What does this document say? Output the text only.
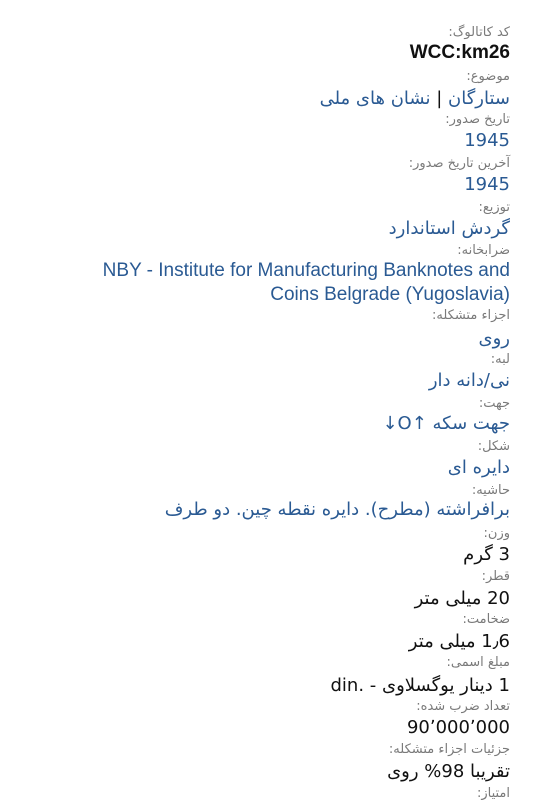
کد کاتالوگ:
WCC:km26
موضوع:
ستارگان | نشان های ملی
تاریخ صدور:
1945
آخرین تاریخ صدور:
1945
توزیع:
گردش استاندارد
ضرابخانه:
NBY - Institute for Manufacturing Banknotes and
Coins Belgrade (Yugoslavia)
اجزاء متشکله:
روی
لبه:
نی/دانه دار
جهت:
جهت سکه ↑O↓
شکل:
دایره ای
حاشیه:
برافراشته (مطرح). دایره نقطه چین. دو طرف
وزن:
3 گرم
قطر:
20 میلی متر
ضخامت:
1٫6 میلی متر
مبلغ اسمی:
1 دینار یوگسلاوی - .din
تعداد ضرب شده:
90٬000٬000
جزئیات اجزاء متشکله:
تقریبا 98% روی
امتیاز:
